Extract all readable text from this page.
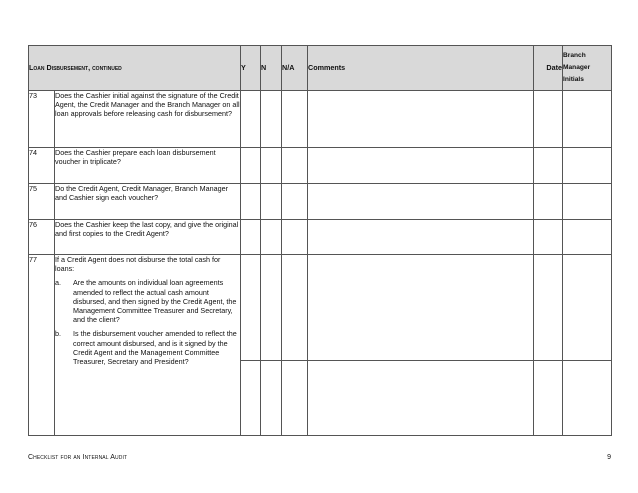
Loan Disbursement, continued		Y	N	N/A	Comments	Date	Branch
Manager
Initials

73	Does the Cashier initial against the signature of the Credit Agent, the Credit Manager and the Branch Manager on all loan approvals before releasing cash for disbursement?						
74	Does the Cashier prepare each loan disbursement voucher in triplicate?						
75	Do the Credit Agent, Credit Manager, Branch Manager and Cashier sign each voucher?						
76	Does the Cashier keep the last copy, and give the original and first copies to the Credit Agent?						
77	If a Credit Agent does not disburse the total cash for loans:
a. Are the amounts on individual loan agreements amended to reflect the actual cash amount disbursed, and then signed by the Credit Agent, the Management Committee Treasurer and Secretary, and the client?
b. Is the disbursement voucher amended to reflect the correct amount disbursed, and is it signed by the Credit Agent and the Management Committee Treasurer, Secretary and President?						

Checklist for an Internal Audit	9
